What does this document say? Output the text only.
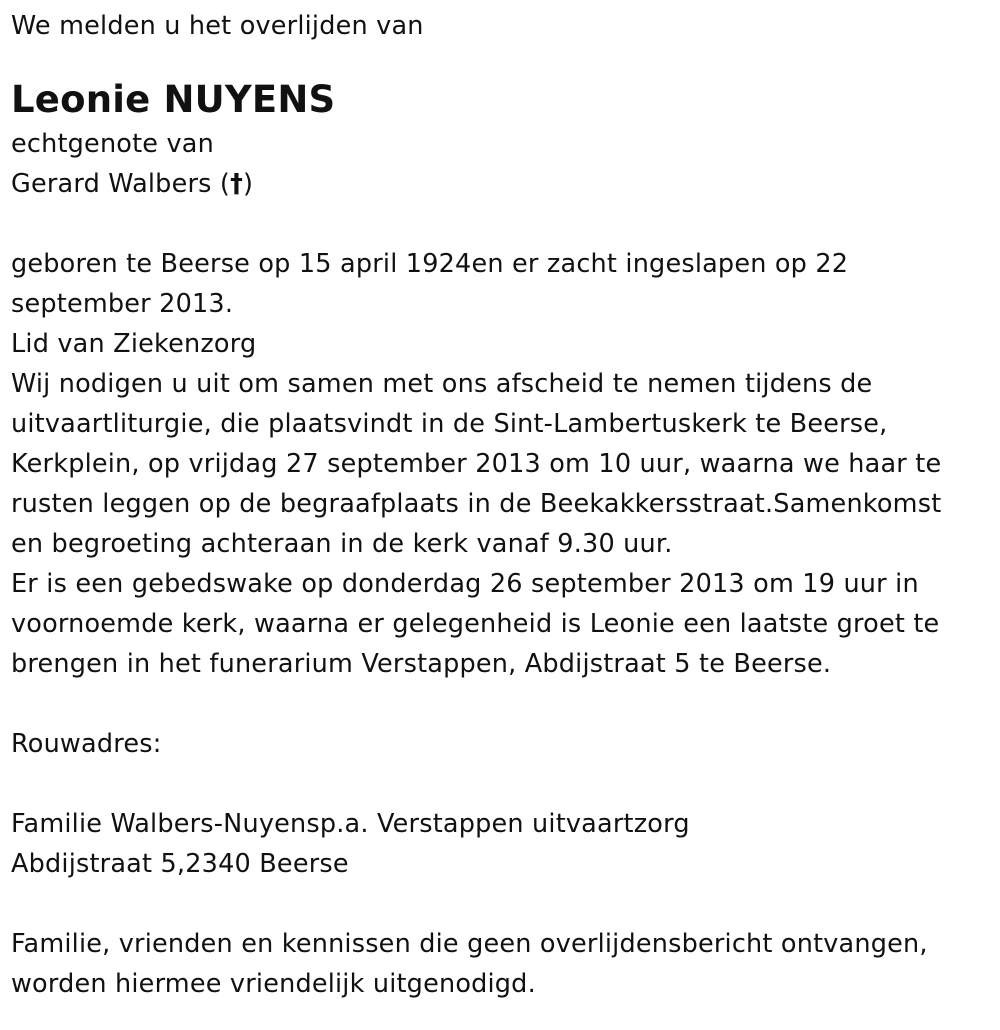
We melden u het overlijden van
Leonie NUYENS
echtgenote van
Gerard Walbers (†)
geboren te Beerse op 15 april 1924en er zacht ingeslapen op 22
september 2013.
Lid van Ziekenzorg
Wij nodigen u uit om samen met ons afscheid te nemen tijdens de
uitvaartliturgie, die plaatsvindt in de Sint-Lambertuskerk te Beerse,
Kerkplein, op vrijdag 27 september 2013 om 10 uur, waarna we haar te
rusten leggen op de begraafplaats in de Beekakkersstraat.Samenkomst
en begroeting achteraan in de kerk vanaf 9.30 uur.
Er is een gebedswake op donderdag 26 september 2013 om 19 uur in
voornoemde kerk, waarna er gelegenheid is Leonie een laatste groet te
brengen in het funerarium Verstappen, Abdijstraat 5 te Beerse.
Rouwadres:
Familie Walbers-Nuyensp.a. Verstappen uitvaartzorg
Abdijstraat 5,2340 Beerse
Familie, vrienden en kennissen die geen overlijdensbericht ontvangen,
worden hiermee vriendelijk uitgenodigd.
